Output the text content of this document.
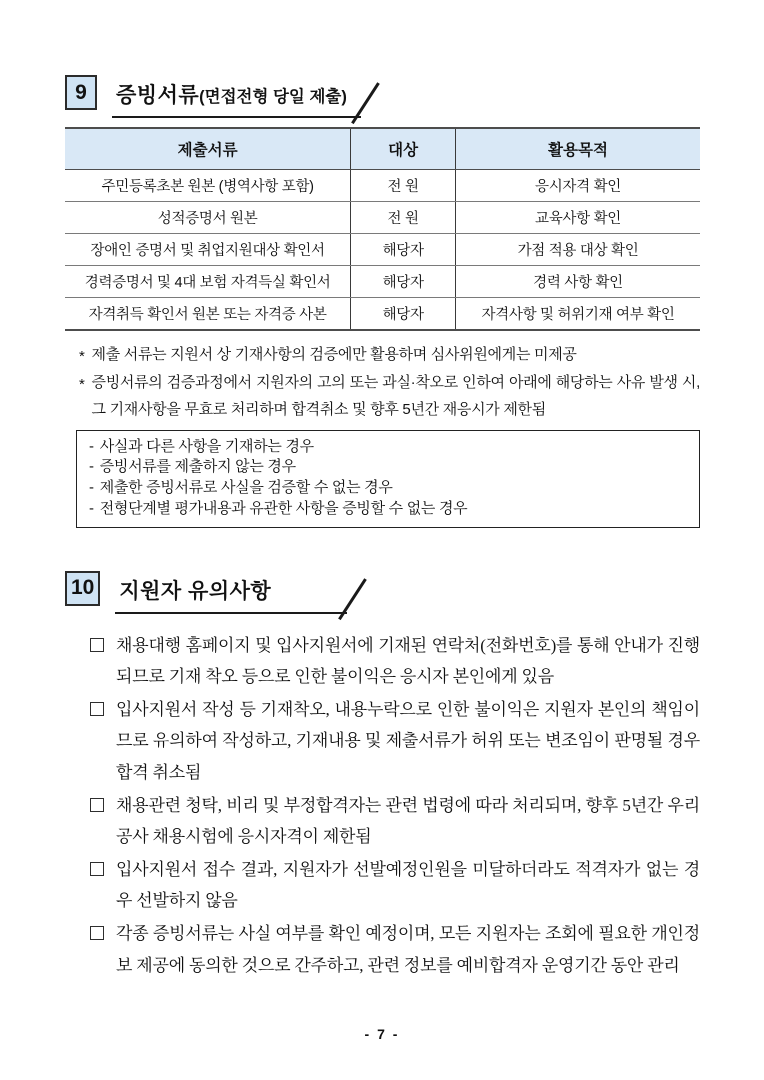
9	증빙서류(면접전형 당일 제출)
제출서류	대상	활용목적
주민등록초본 원본 (병역사항 포함)	전 원	응시자격 확인
성적증명서 원본	전 원	교육사항 확인
장애인 증명서 및 취업지원대상 확인서	해당자	가점 적용 대상 확인
경력증명서 및 4대 보험 자격득실 확인서	해당자	경력 사항 확인
자격취득 확인서 원본 또는 자격증 사본	해당자	자격사항 및 허위기재 여부 확인
* 제출 서류는 지원서 상 기재사항의 검증에만 활용하며 심사위원에게는 미제공
* 증빙서류의 검증과정에서 지원자의 고의 또는 과실·착오로 인하여 아래에 해당하는 사유 발생 시, 그 기재사항을 무효로 처리하며 합격취소 및 향후 5년간 재응시가 제한됨
- 사실과 다른 사항을 기재하는 경우
- 증빙서류를 제출하지 않는 경우
- 제출한 증빙서류로 사실을 검증할 수 없는 경우
- 전형단계별 평가내용과 유관한 사항을 증빙할 수 없는 경우
10 지원자 유의사항
채용대행 홈페이지 및 입사지원서에 기재된 연락처(전화번호)를 통해 안내가 진행되므로 기재 착오 등으로 인한 불이익은 응시자 본인에게 있음
입사지원서 작성 등 기재착오, 내용누락으로 인한 불이익은 지원자 본인의 책임이므로 유의하여 작성하고, 기재내용 및 제출서류가 허위 또는 변조임이 판명될 경우 합격 취소됨
채용관련 청탁, 비리 및 부정합격자는 관련 법령에 따라 처리되며, 향후 5년간 우리공사 채용시험에 응시자격이 제한됨
입사지원서 접수 결과, 지원자가 선발예정인원을 미달하더라도 적격자가 없는 경우 선발하지 않음
각종 증빙서류는 사실 여부를 확인 예정이며, 모든 지원자는 조회에 필요한 개인정보 제공에 동의한 것으로 간주하고, 관련 정보를 예비합격자 운영기간 동안 관리
- 7 -
